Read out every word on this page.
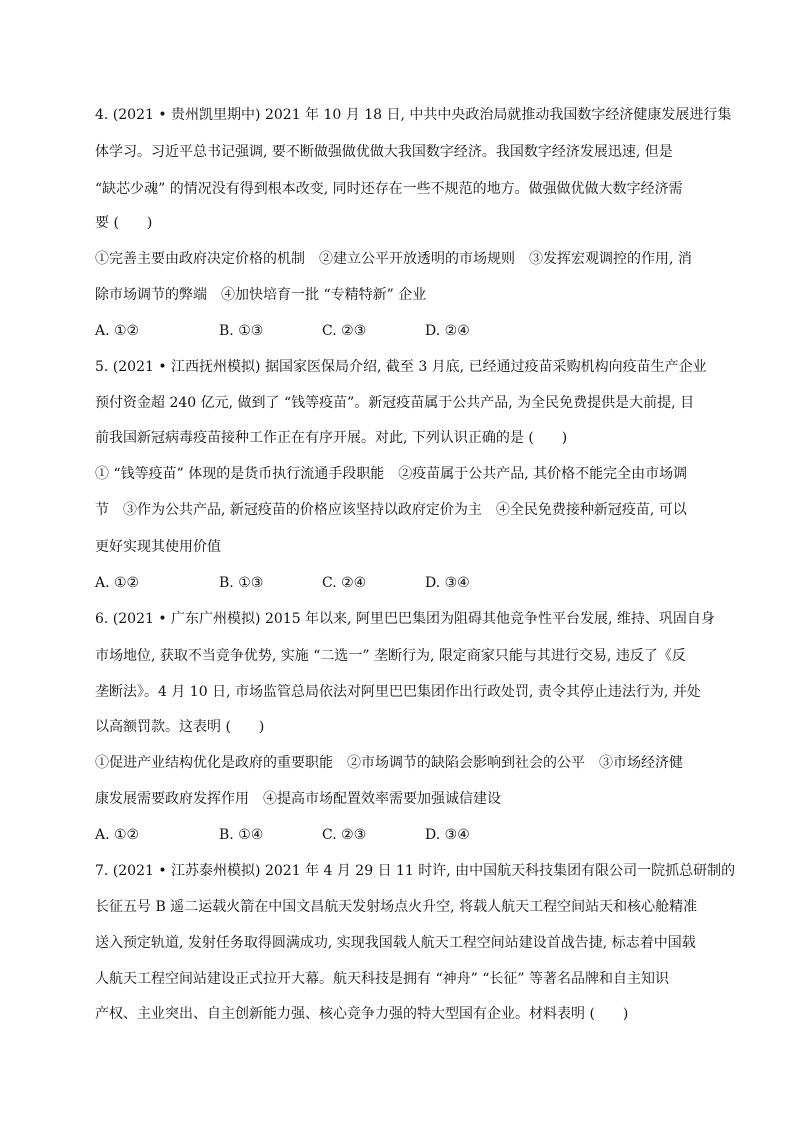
4. (2021 • 贵州凯里期中) 2021 年 10 月 18 日, 中共中央政治局就推动我国数字经济健康发展进行集
体学习。习近平总书记强调, 要不断做强做优做大我国数字经济。我国数字经济发展迅速, 但是
“缺芯少魂” 的情况没有得到根本改变, 同时还存在一些不规范的地方。做强做优做大数字经济需
要 (　　)
①完善主要由政府决定价格的机制　②建立公平开放透明的市场规则　③发挥宏观调控的作用, 消
除市场调节的弊端　④加快培育一批 “专精特新” 企业
A. ①②	B. ①③	C. ②③	D. ②④
5. (2021 • 江西抚州模拟) 据国家医保局介绍, 截至 3 月底, 已经通过疫苗采购机构向疫苗生产企业
预付资金超 240 亿元, 做到了 “钱等疫苗”。新冠疫苗属于公共产品, 为全民免费提供是大前提, 目
前我国新冠病毒疫苗接种工作正在有序开展。对此, 下列认识正确的是 (　　)
① “钱等疫苗” 体现的是货币执行流通手段职能　②疫苗属于公共产品, 其价格不能完全由市场调
节　③作为公共产品, 新冠疫苗的价格应该坚持以政府定价为主　④全民免费接种新冠疫苗, 可以
更好实现其使用价值
A. ①②	B. ①③	C. ②④	D. ③④
6. (2021 • 广东广州模拟) 2015 年以来, 阿里巴巴集团为阻碍其他竞争性平台发展, 维持、巩固自身
市场地位, 获取不当竞争优势, 实施 “二选一” 垄断行为, 限定商家只能与其进行交易, 违反了《反
垄断法》。4 月 10 日, 市场监管总局依法对阿里巴巴集团作出行政处罚, 责令其停止违法行为, 并处
以高额罚款。这表明 (　　)
①促进产业结构优化是政府的重要职能　②市场调节的缺陷会影响到社会的公平　③市场经济健
康发展需要政府发挥作用　④提高市场配置效率需要加强诚信建设
A. ①②	B. ①④	C. ②③	D. ③④
7. (2021 • 江苏泰州模拟) 2021 年 4 月 29 日 11 时许, 由中国航天科技集团有限公司一院抓总研制的
长征五号 B 遥二运载火箭在中国文昌航天发射场点火升空, 将载人航天工程空间站天和核心舱精准
送入预定轨道, 发射任务取得圆满成功, 实现我国载人航天工程空间站建设首战告捷, 标志着中国载
人航天工程空间站建设正式拉开大幕。航天科技是拥有 “神舟” “长征” 等著名品牌和自主知识
产权、主业突出、自主创新能力强、核心竞争力强的特大型国有企业。材料表明 (　　)
